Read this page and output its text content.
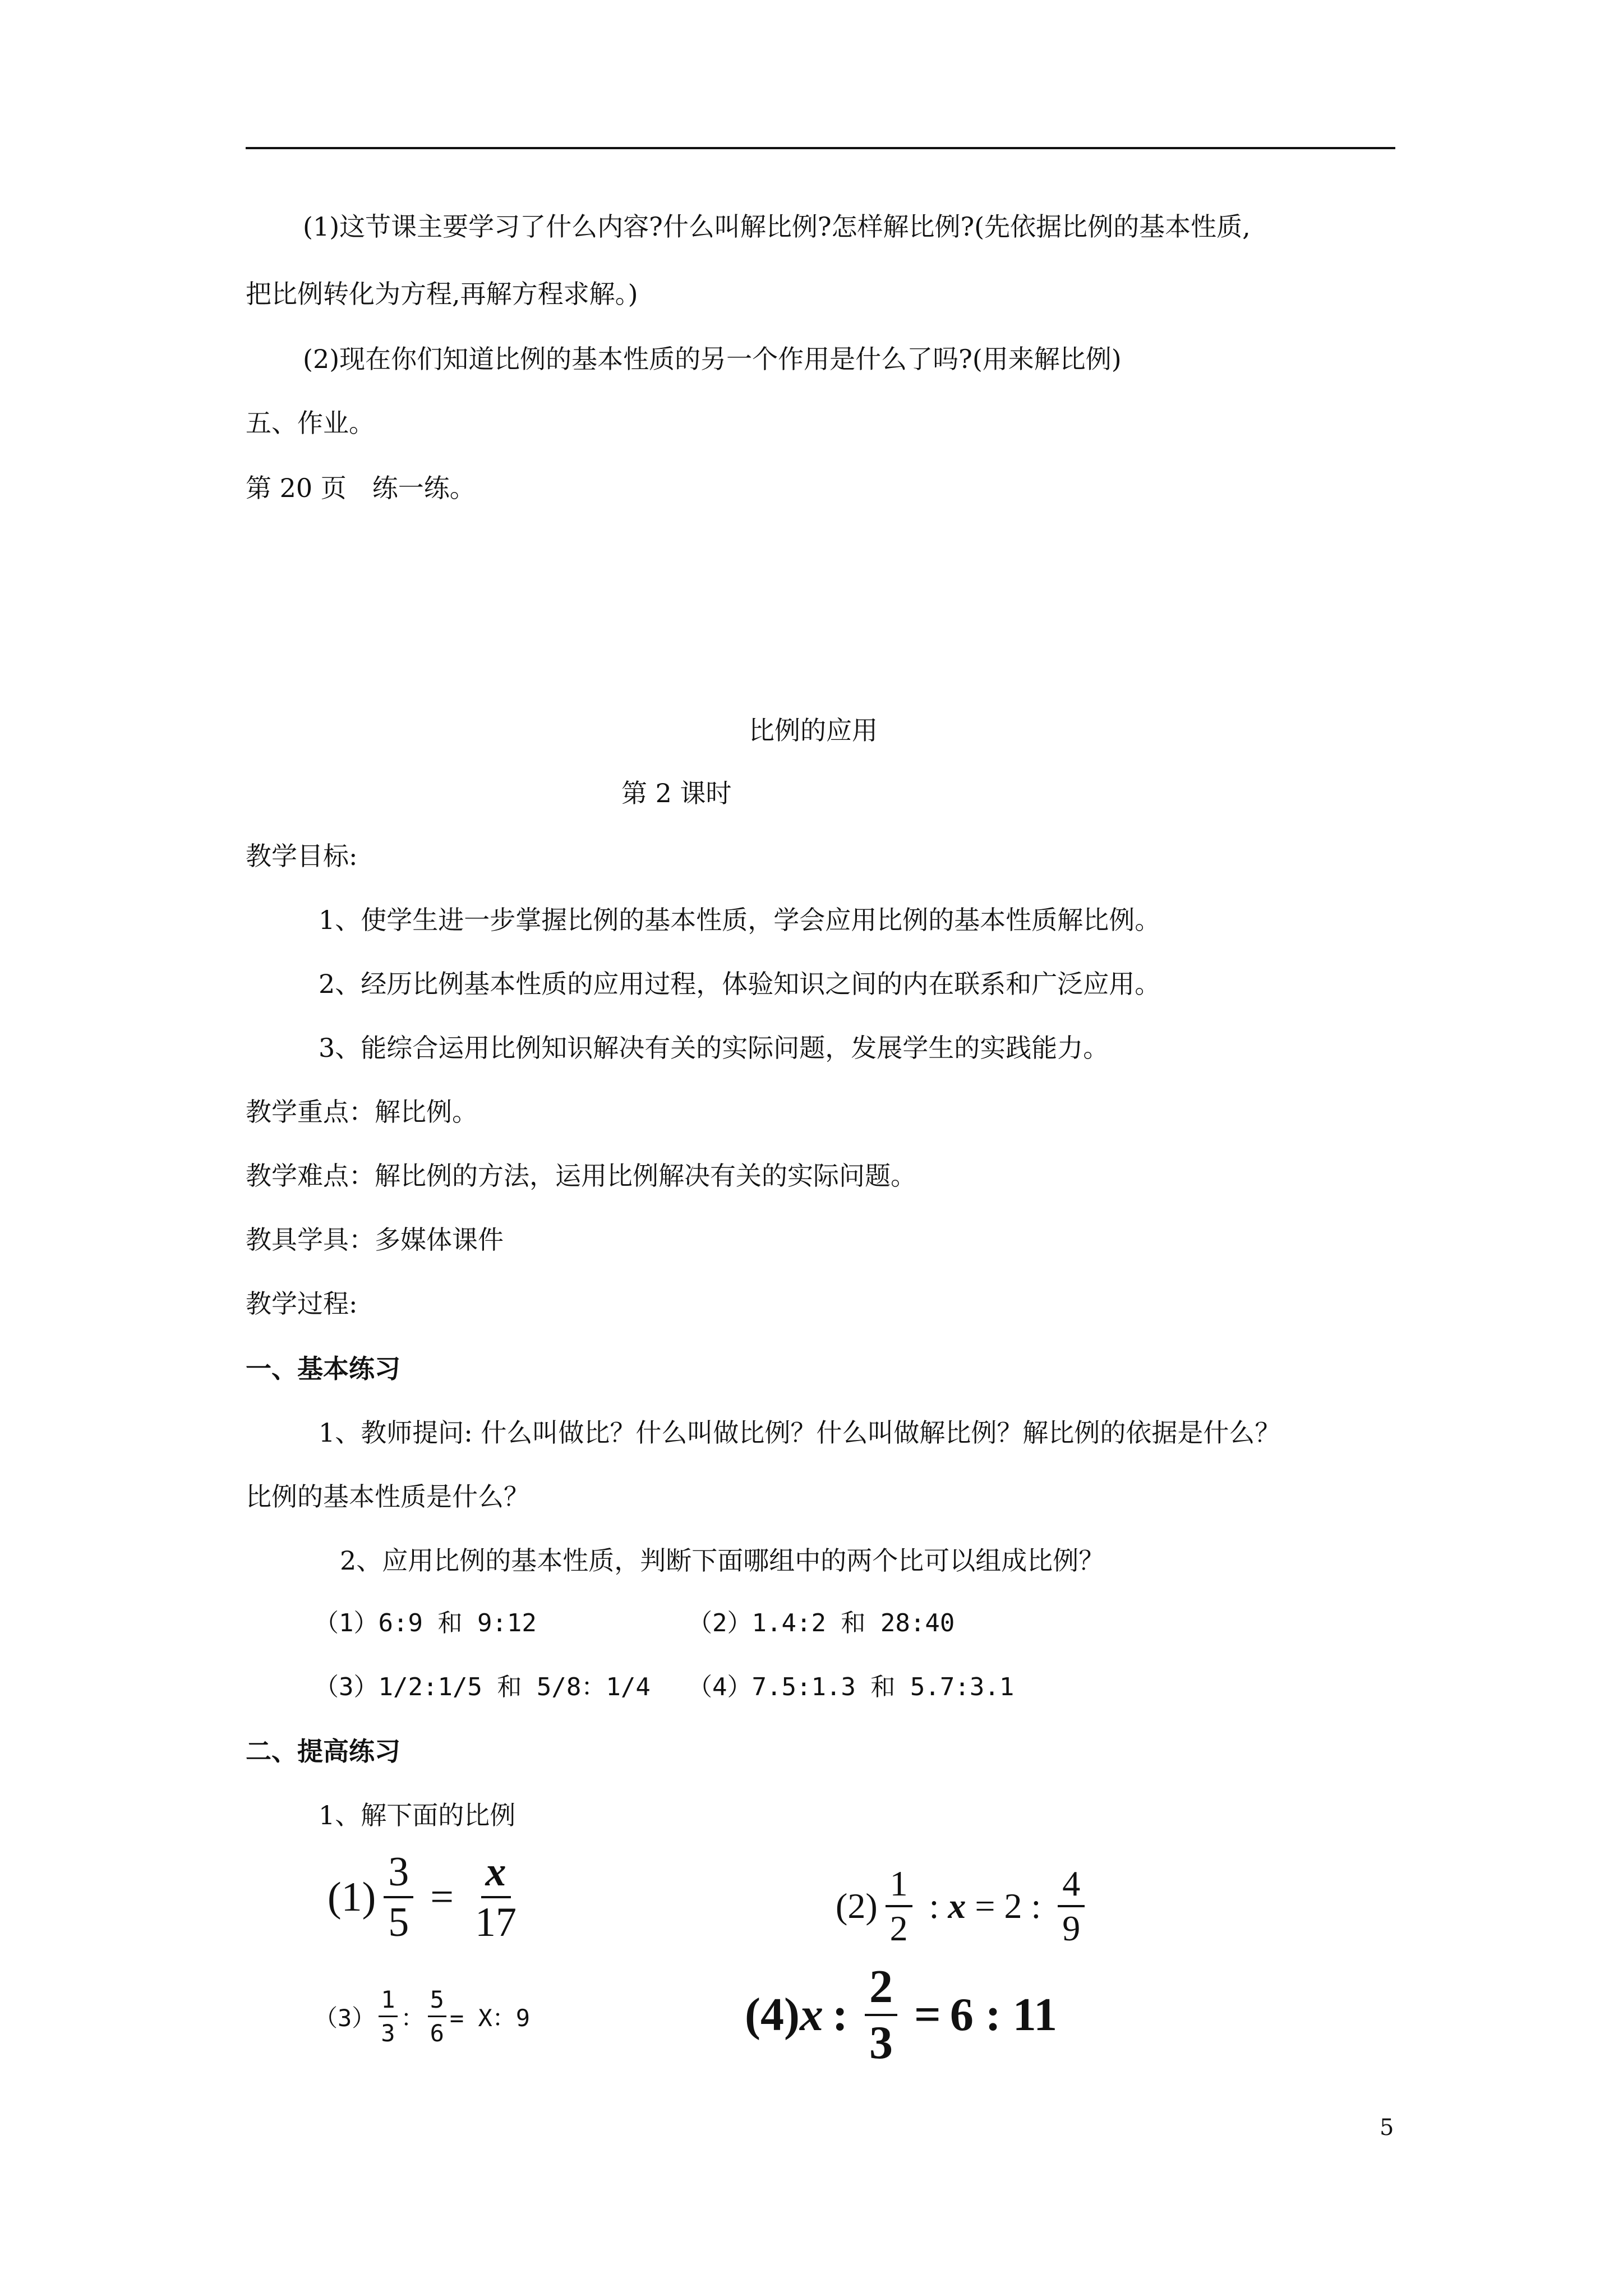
(1)这节课主要学习了什么内容?什么叫解比例?怎样解比例?(先依据比例的基本性质,
把比例转化为方程,再解方程求解。)
(2)现在你们知道比例的基本性质的另一个作用是什么了吗?(用来解比例)
五、作业。
第 20 页　练一练。
比例的应用
第 2 课时
教学目标:
1、使学生进一步掌握比例的基本性质，学会应用比例的基本性质解比例。
2、经历比例基本性质的应用过程，体验知识之间的内在联系和广泛应用。
3、能综合运用比例知识解决有关的实际问题，发展学生的实践能力。
教学重点：解比例。
教学难点：解比例的方法，运用比例解决有关的实际问题。
教具学具：多媒体课件
教学过程:
一、基本练习
1、教师提问: 什么叫做比？什么叫做比例？什么叫做解比例？解比例的依据是什么？
比例的基本性质是什么？
2、应用比例的基本性质，判断下面哪组中的两个比可以组成比例？
（1）6:9 和 9:12	（2）1.4:2 和 28:40
（3）1/2:1/5 和 5/8：1/4 （4）7.5:1.3 和 5.7:3.1
二、提高练习
1、解下面的比例
$(1) \frac{3}{5} = \frac{x}{17}$	$(2) \frac{1}{2}$ : x = 2 : $\frac{4}{9}$
$(3) \frac{1}{3}$ ： $\frac{5}{6} = X$：9	(4) x : $\frac{2}{3} = 6$ : 11
5
